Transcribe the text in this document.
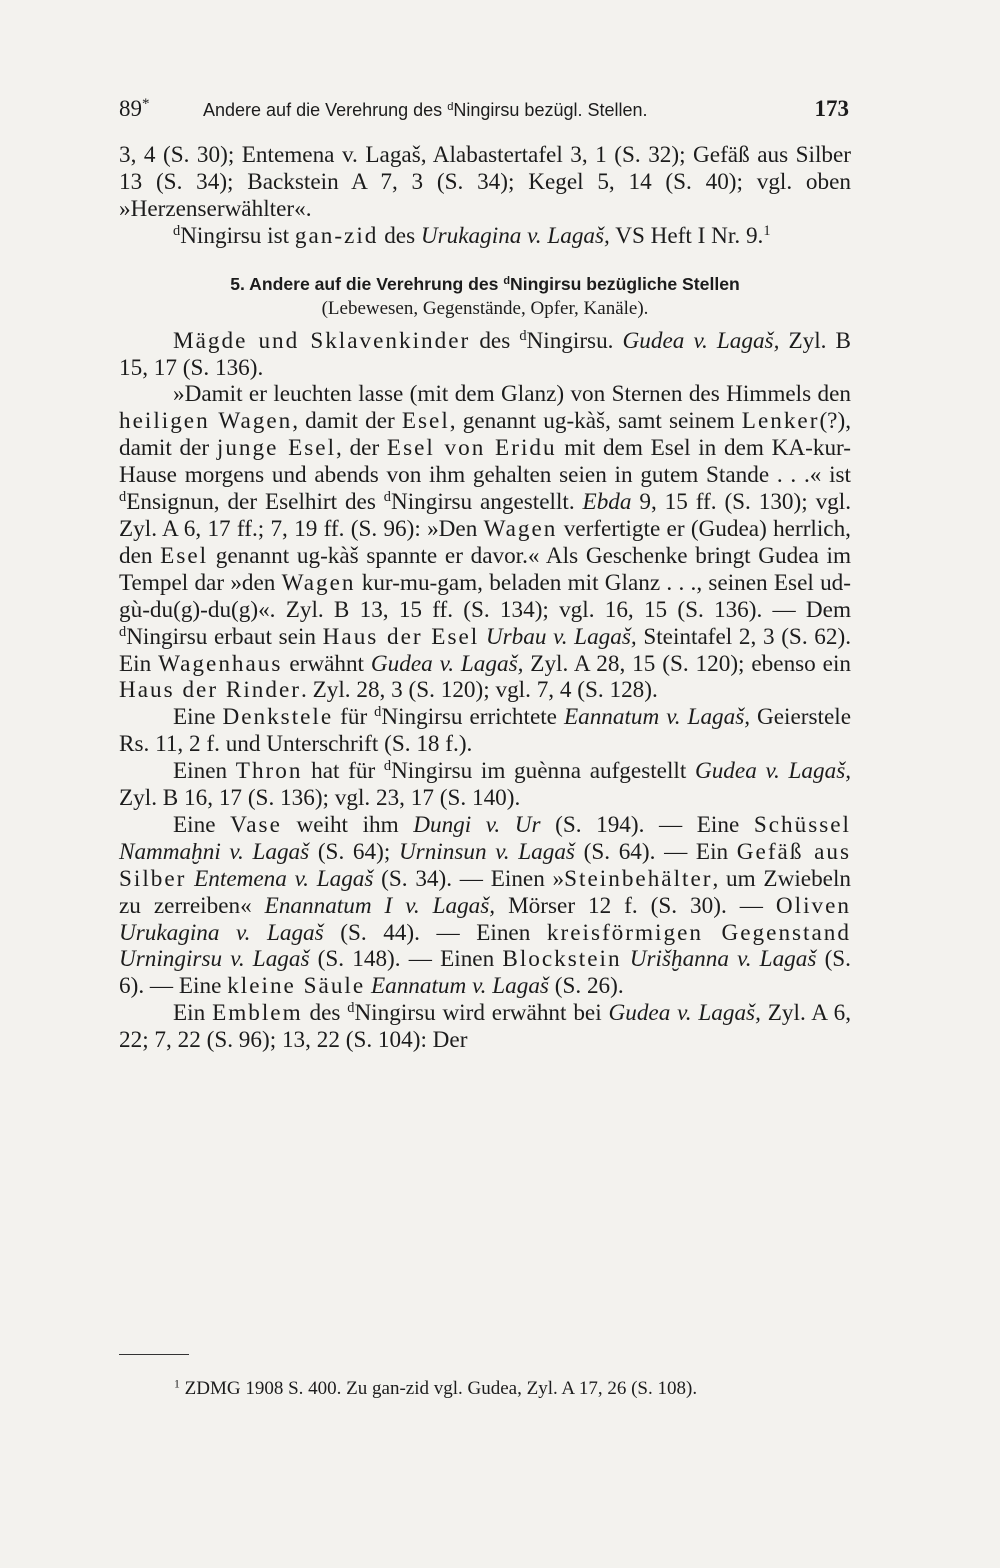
89*	Andere auf die Verehrung des $^d$Ningirsu bezügl. Stellen.	173

3, 4 (S. 30); Entemena v. Lagaš, Alabastertafel 3, 1 (S. 32); Gefäß aus Silber 13 (S. 34); Backstein A 7, 3 (S. 34); Kegel 5, 14 (S. 40); vgl. oben »Herzenserwählter«.

$^d$Ningirsu ist gan-zid des Urukagina v. Lagaš, VS Heft I Nr. 9.$^1$

5. Andere auf die Verehrung des $^d$Ningirsu bezügliche Stellen
(Lebewesen, Gegenstände, Opfer, Kanäle).

Mägde und Sklavenkinder des $^d$Ningirsu. Gudea v. Lagaš, Zyl. B 15, 17 (S. 136).

»Damit er leuchten lasse (mit dem Glanz) von Sternen des Himmels den heiligen Wagen, damit der Esel, genannt ug-kàš, samt seinem Lenker(?), damit der junge Esel, der Esel von Eridu mit dem Esel in dem KA-kur-Hause morgens und abends von ihm gehalten seien in gutem Stande . . .« ist $^d$Ensignun, der Eselhirt des $^d$Ningirsu angestellt. Ebda 9, 15 ff. (S. 130); vgl. Zyl. A 6, 17 ff.; 7, 19 ff. (S. 96): »Den Wagen verfertigte er (Gudea) herrlich, den Esel genannt ug-kàš spannte er davor.« Als Geschenke bringt Gudea im Tempel dar »den Wagen kur-mu-gam, beladen mit Glanz . . ., seinen Esel ud-gù-du(g)-du(g)«. Zyl. B 13, 15 ff. (S. 134); vgl. 16, 15 (S. 136). — Dem $^d$Ningirsu erbaut sein Haus der Esel Urbau v. Lagaš, Steintafel 2, 3 (S. 62). Ein Wagenhaus erwähnt Gudea v. Lagaš, Zyl. A 28, 15 (S. 120); ebenso ein Haus der Rinder. Zyl. 28, 3 (S. 120); vgl. 7, 4 (S. 128).

Eine Denkstele für $^d$Ningirsu errichtete Eannatum v. Lagaš, Geierstele Rs. 11, 2 f. und Unterschrift (S. 18 f.).

Einen Thron hat für $^d$Ningirsu im guènna aufgestellt Gudea v. Lagaš, Zyl. B 16, 17 (S. 136); vgl. 23, 17 (S. 140).

Eine Vase weiht ihm Dungi v. Ur (S. 194). — Eine Schüssel Nammaḫni v. Lagaš (S. 64); Urninsun v. Lagaš (S. 64). — Ein Gefäß aus Silber Entemena v. Lagaš (S. 34). — Einen »Steinbehälter, um Zwiebeln zu zerreiben« Enannatum I v. Lagaš, Mörser 12 f. (S. 30). — Oliven Urukagina v. Lagaš (S. 44). — Einen kreisförmigen Gegenstand Urningirsu v. Lagaš (S. 148). — Einen Blockstein Urišḫanna v. Lagaš (S. 6). — Eine kleine Säule Eannatum v. Lagaš (S. 26).

Ein Emblem des $^d$Ningirsu wird erwähnt bei Gudea v. Lagaš, Zyl. A 6, 22; 7, 22 (S. 96); 13, 22 (S. 104): Der

$^1$ ZDMG 1908 S. 400. Zu gan-zid vgl. Gudea, Zyl. A 17, 26 (S. 108).
